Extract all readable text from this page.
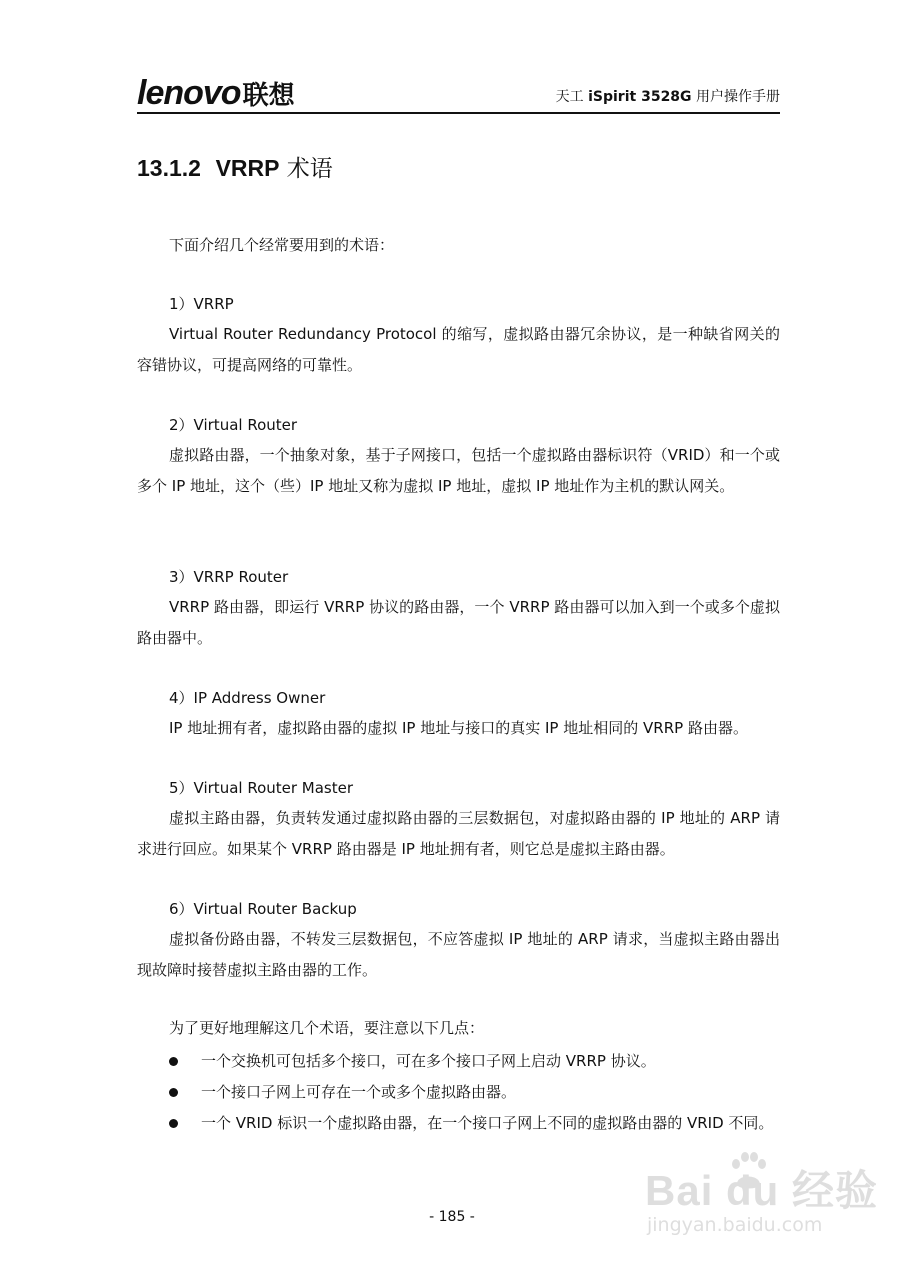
lenovo 联想	天工 iSpirit 3528G 用户操作手册
13.1.2 VRRP 术语

下面介绍几个经常要用到的术语：

1）VRRP

Virtual Router Redundancy Protocol 的缩写，虚拟路由器冗余协议，是一种缺省网关的容错协议，可提高网络的可靠性。

2）Virtual Router

虚拟路由器，一个抽象对象，基于子网接口，包括一个虚拟路由器标识符（VRID）和一个或多个 IP 地址，这个（些）IP 地址又称为虚拟 IP 地址，虚拟 IP 地址作为主机的默认网关。

3）VRRP Router

VRRP 路由器，即运行 VRRP 协议的路由器，一个 VRRP 路由器可以加入到一个或多个虚拟路由器中。

4）IP Address Owner

IP 地址拥有者，虚拟路由器的虚拟 IP 地址与接口的真实 IP 地址相同的 VRRP 路由器。

5）Virtual Router Master

虚拟主路由器，负责转发通过虚拟路由器的三层数据包，对虚拟路由器的 IP 地址的 ARP 请求进行回应。如果某个 VRRP 路由器是 IP 地址拥有者，则它总是虚拟主路由器。

6）Virtual Router Backup

虚拟备份路由器，不转发三层数据包，不应答虚拟 IP 地址的 ARP 请求，当虚拟主路由器出现故障时接替虚拟主路由器的工作。

为了更好地理解这几个术语，要注意以下几点：

一个交换机可包括多个接口，可在多个接口子网上启动 VRRP 协议。
一个接口子网上可存在一个或多个虚拟路由器。
一个 VRID 标识一个虚拟路由器，在一个接口子网上不同的虚拟路由器的 VRID 不同。
- 185 -
Bai du 经验
jingyan.baidu.com
